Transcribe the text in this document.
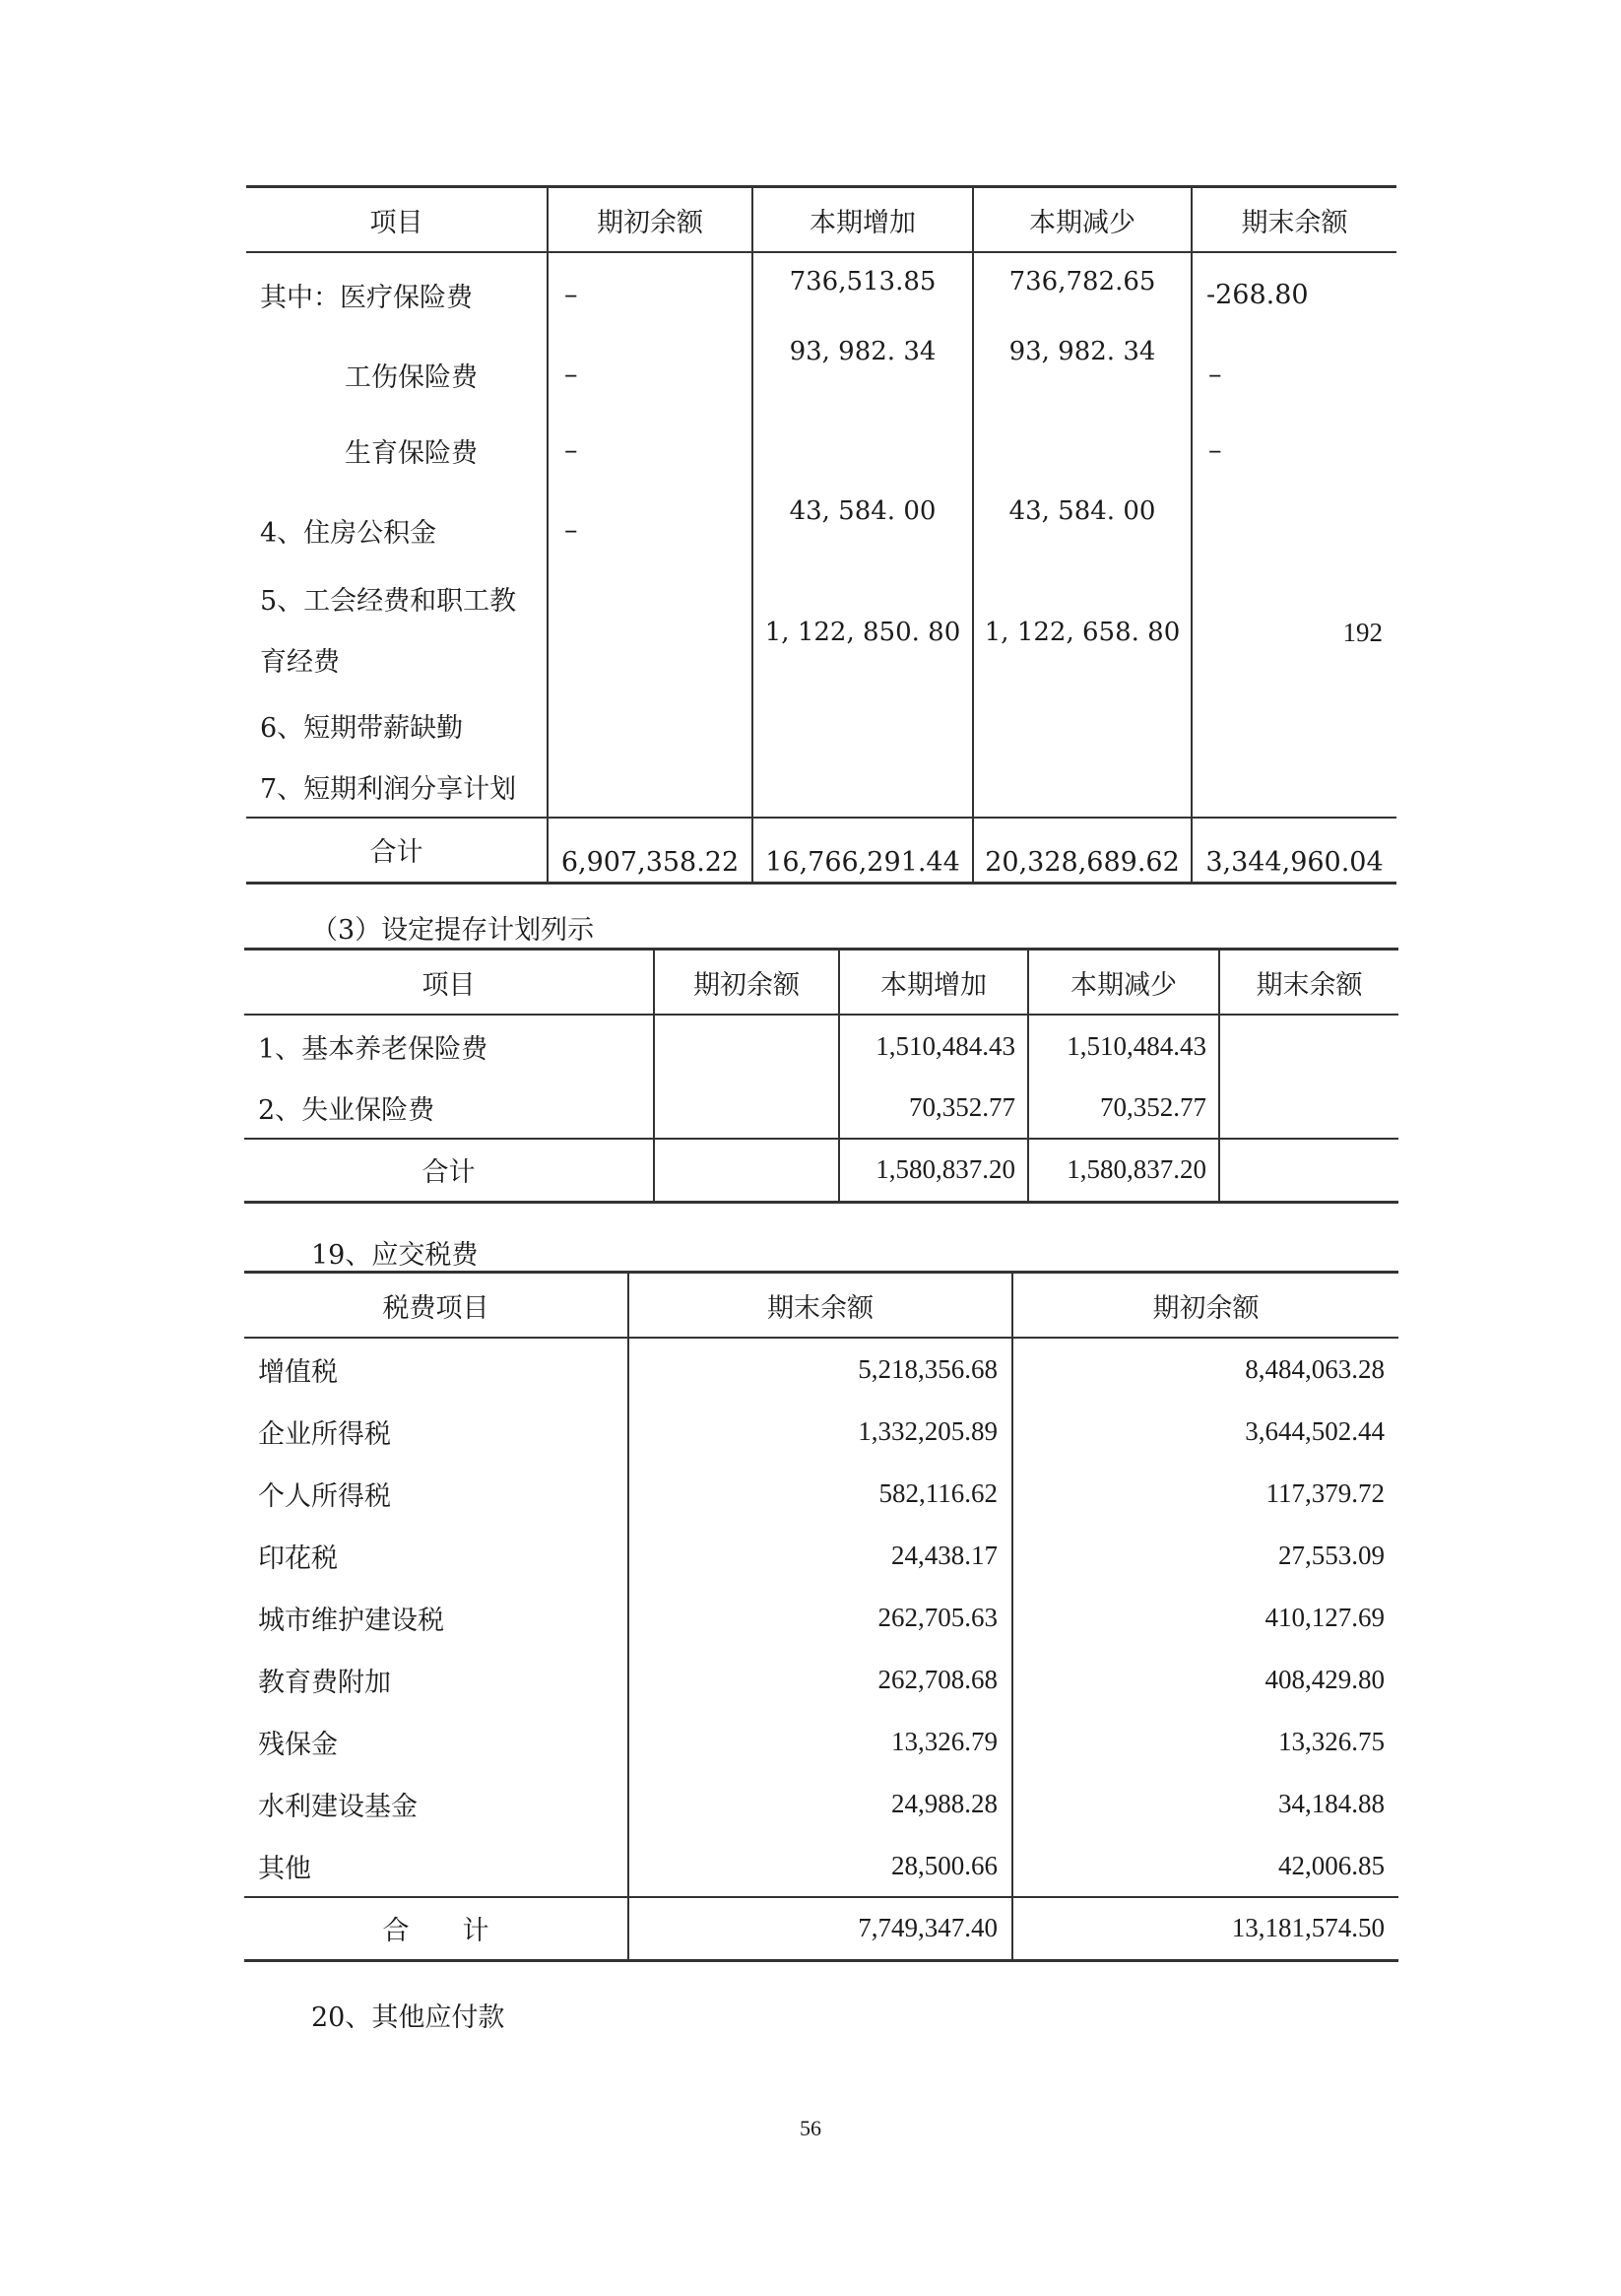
项目	期初余额	本期增加	本期减少	期末余额
其中：医疗保险费	–	736,513.85	736,782.65	-268.80
工伤保险费	–	93, 982. 34	93, 982. 34	–
生育保险费	–			–
4、住房公积金	–	43, 584. 00	43, 584. 00	

5、工会经费和职工教
育经费		1, 122, 850. 80	1, 122, 658. 80	192
6、短期带薪缺勤				
7、短期利润分享计划				
合计	6,907,358.22	16,766,291.44	20,328,689.62	3,344,960.04
（3）设定提存计划列示
项目	期初余额	本期增加	本期减少	期末余额
1、基本养老保险费		1,510,484.43	1,510,484.43	
2、失业保险费		70,352.77	70,352.77	
合计		1,580,837.20	1,580,837.20	
19、应交税费
税费项目	期末余额	期初余额
增值税	5,218,356.68	8,484,063.28
企业所得税	1,332,205.89	3,644,502.44
个人所得税	582,116.62	117,379.72
印花税	24,438.17	27,553.09
城市维护建设税	262,705.63	410,127.69
教育费附加	262,708.68	408,429.80
残保金	13,326.79	13,326.75
水利建设基金	24,988.28	34,184.88
其他	28,500.66	42,006.85
合　　计	7,749,347.40	13,181,574.50
20、其他应付款
56
